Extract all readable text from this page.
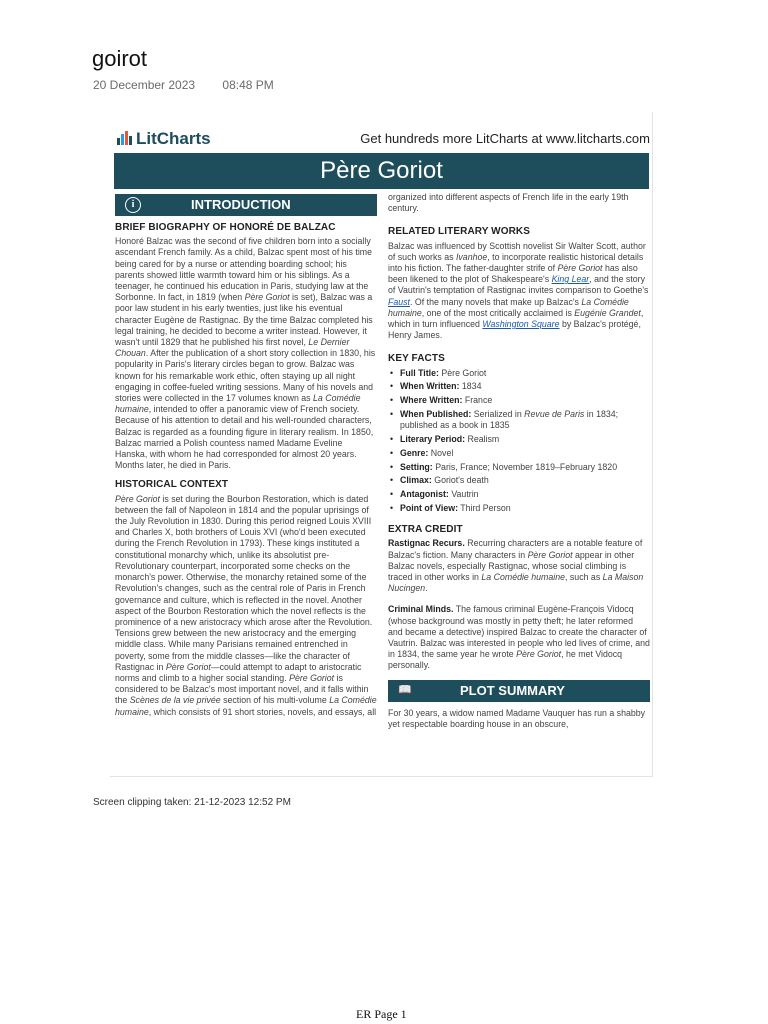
goirot
20 December 2023 08:48 PM
LitCharts	Get hundreds more LitCharts at www.litcharts.com
Père Goriot
i	INTRODUCTION
BRIEF BIOGRAPHY OF HONORÉ DE BALZAC

Honoré Balzac was the second of five children born into a socially ascendant French family. As a child, Balzac spent most of his time being cared for by a nurse or attending boarding school; his parents showed little warmth toward him or his siblings. As a teenager, he continued his education in Paris, studying law at the Sorbonne. In fact, in 1819 (when Père Goriot is set), Balzac was a poor law student in his early twenties, just like his eventual character Eugène de Rastignac. By the time Balzac completed his legal training, he decided to become a writer instead. However, it wasn't until 1829 that he published his first novel, Le Dernier Chouan. After the publication of a short story collection in 1830, his popularity in Paris's literary circles began to grow. Balzac was known for his remarkable work ethic, often staying up all night engaging in coffee-fueled writing sessions. Many of his novels and stories were collected in the 17 volumes known as La Comédie humaine, intended to offer a panoramic view of French society. Because of his attention to detail and his well-rounded characters, Balzac is regarded as a founding figure in literary realism. In 1850, Balzac married a Polish countess named Madame Eveline Hanska, with whom he had corresponded for almost 20 years. Months later, he died in Paris.

HISTORICAL CONTEXT

Père Goriot is set during the Bourbon Restoration, which is dated between the fall of Napoleon in 1814 and the popular uprisings of the July Revolution in 1830. During this period reigned Louis XVIII and Charles X, both brothers of Louis XVI (who'd been executed during the French Revolution in 1793). These kings instituted a constitutional monarchy which, unlike its absolutist pre-Revolutionary counterpart, incorporated some checks on the monarch's power. Otherwise, the monarchy retained some of the Revolution's changes, such as the central role of Paris in French governance and culture, which is reflected in the novel. Another aspect of the Bourbon Restoration which the novel reflects is the prominence of a new aristocracy which arose after the Revolution. Tensions grew between the new aristocracy and the emerging middle class. While many Parisians remained entrenched in poverty, some from the middle classes—like the character of Rastignac in Père Goriot—could attempt to adapt to aristocratic norms and climb to a higher social standing. Père Goriot is considered to be Balzac's most important novel, and it falls within the Scènes de la vie privée section of his multi-volume La Comédie humaine, which consists of 91 short stories, novels, and essays, all

organized into different aspects of French life in the early 19th century.

RELATED LITERARY WORKS

Balzac was influenced by Scottish novelist Sir Walter Scott, author of such works as Ivanhoe, to incorporate realistic historical details into his fiction. The father-daughter strife of Père Goriot has also been likened to the plot of Shakespeare's King Lear, and the story of Vautrin's temptation of Rastignac invites comparison to Goethe's Faust. Of the many novels that make up Balzac's La Comédie humaine, one of the most critically acclaimed is Eugénie Grandet, which in turn influenced Washington Square by Balzac's protégé, Henry James.

KEY FACTS
• Full Title: Père Goriot
• When Written: 1834
• Where Written: France
• When Published: Serialized in Revue de Paris in 1834; published as a book in 1835
• Literary Period: Realism
• Genre: Novel
• Setting: Paris, France; November 1819–February 1820
• Climax: Goriot's death
• Antagonist: Vautrin
• Point of View: Third Person
EXTRA CREDIT

Rastignac Recurs. Recurring characters are a notable feature of Balzac's fiction. Many characters in Père Goriot appear in other Balzac novels, especially Rastignac, whose social climbing is traced in other works in La Comédie humaine, such as La Maison Nucingen.

Criminal Minds. The famous criminal Eugène-François Vidocq (whose background was mostly in petty theft; he later reformed and became a detective) inspired Balzac to create the character of Vautrin. Balzac was interested in people who led lives of crime, and in 1834, the same year he wrote Père Goriot, he met Vidocq personally.

📖	PLOT SUMMARY

For 30 years, a widow named Madame Vauquer has run a shabby yet respectable boarding house in an obscure,

Screen clipping taken: 21-12-2023 12:52 PM
ER Page 1
